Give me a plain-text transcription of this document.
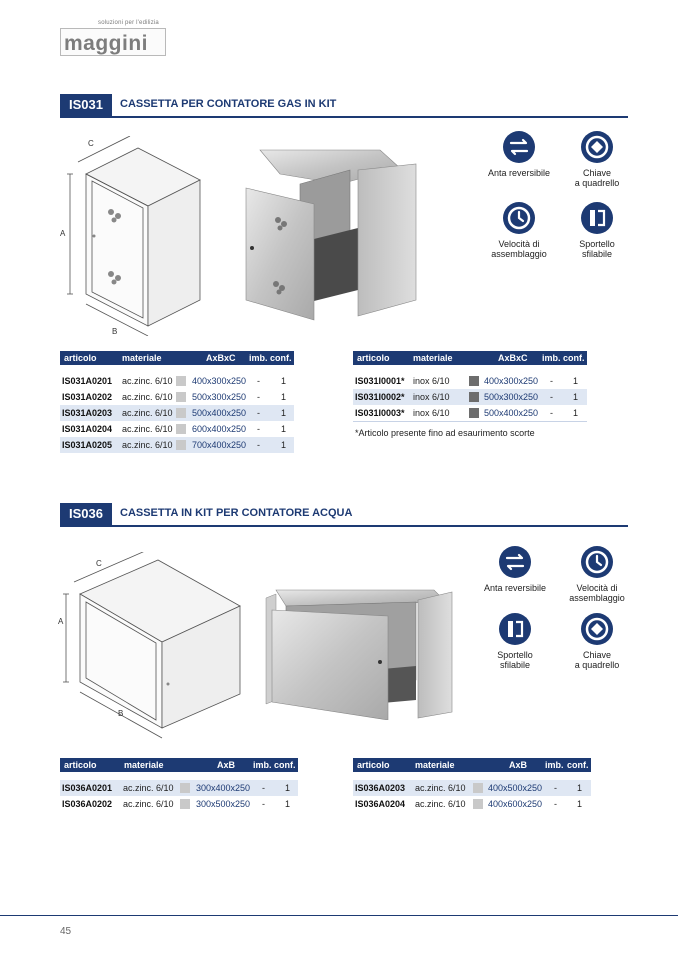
soluzioni per l'edilizia
maggini
IS031	CASSETTA PER CONTATORE GAS IN KIT
A
B
C
Anta reversibile	Chiave
a quadrello
Velocità di
assemblaggio
Sportello
sfilabile
articolo	materiale	AxBxC imb. conf.
IS031A0201 ac.zinc. 6/10 400x300x250 - 1
IS031A0202 ac.zinc. 6/10 500x300x250 - 1
IS031A0203 ac.zinc. 6/10 500x400x250 - 1
IS031A0204 ac.zinc. 6/10 600x400x250 - 1
IS031A0205 ac.zinc. 6/10 700x400x250 - 1
articolo	materiale	AxBxC imb. conf.
IS031I0001* inox 6/10	400x300x250 - 1
IS031I0002* inox 6/10	500x300x250 - 1
IS031I0003* inox 6/10	500x400x250 - 1
*Articolo presente fino ad esaurimento scorte
IS036	CASSETTA IN KIT PER CONTATORE ACQUA
A
B
C
Anta reversibile	Velocità di
assemblaggio
Sportello
sfilabile
Chiave
a quadrello
articolo	materiale	AxB imb. conf.
IS036A0201 ac.zinc. 6/10 300x400x250 - 1
IS036A0202 ac.zinc. 6/10 300x500x250 - 1
articolo	materiale	AxB imb. conf.
IS036A0203 ac.zinc. 6/10 400x500x250 - 1
IS036A0204 ac.zinc. 6/10 400x600x250 - 1
45
